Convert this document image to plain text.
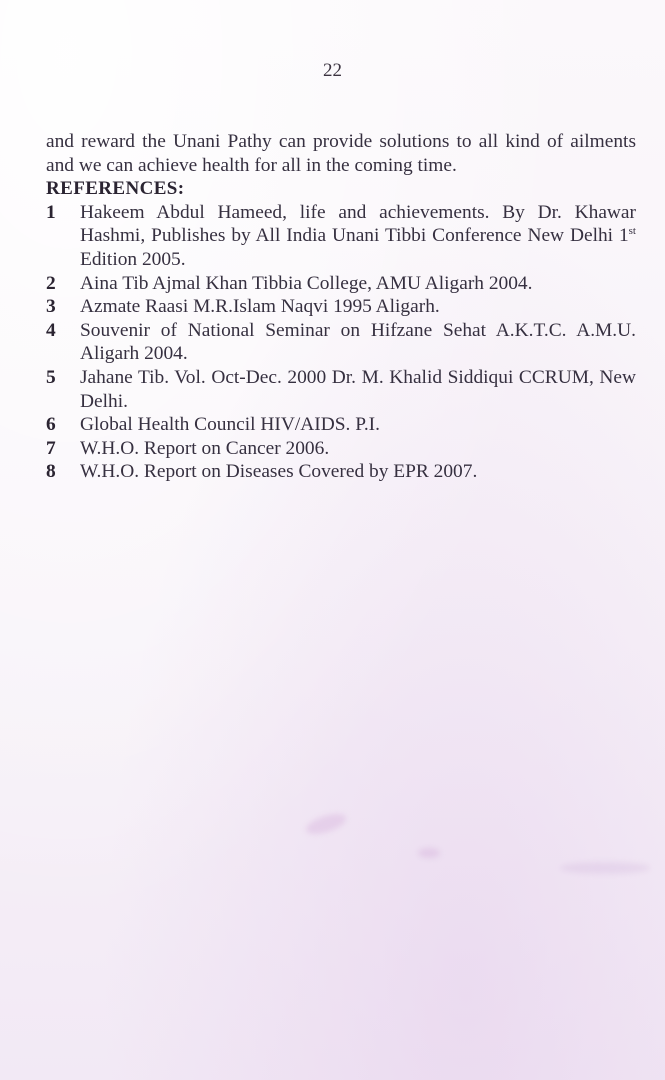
22

and reward the Unani Pathy can provide solutions to all kind of ailments and we can achieve health for all in the coming time.

REFERENCES:

1	Hakeem Abdul Hameed, life and achievements. By Dr. Khawar Hashmi, Publishes by All India Unani Tibbi Conference New Delhi 1st Edition 2005.
2	Aina Tib Ajmal Khan Tibbia College, AMU Aligarh 2004.
3	Azmate Raasi M.R.Islam Naqvi 1995 Aligarh.
4	Souvenir of National Seminar on Hifzane Sehat A.K.T.C. A.M.U. Aligarh 2004.
5	Jahane Tib. Vol. Oct-Dec. 2000 Dr. M. Khalid Siddiqui CCRUM, New Delhi.
6	Global Health Council HIV/AIDS. P.I.
7	W.H.O. Report on Cancer 2006.
8	W.H.O. Report on Diseases Covered by EPR 2007.
